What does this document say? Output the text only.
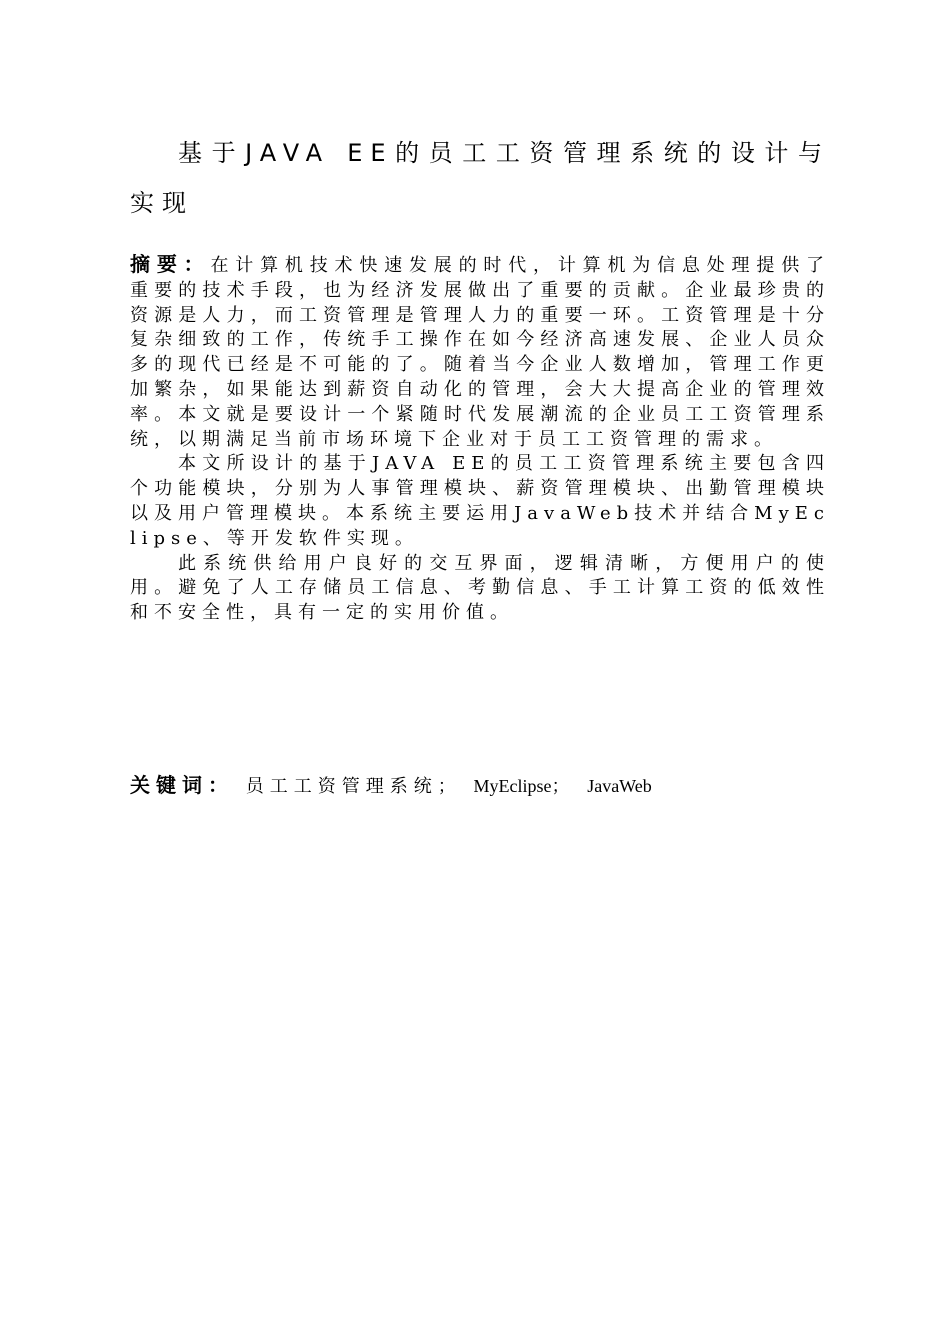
基于JAVA EE的员工工资管理系统的设计与实现

摘要：在计算机技术快速发展的时代，计算机为信息处理提供了重要的技术手段，也为经济发展做出了重要的贡献。企业最珍贵的资源是人力，而工资管理是管理人力的重要一环。工资管理是十分复杂细致的工作，传统手工操作在如今经济高速发展、企业人员众多的现代已经是不可能的了。随着当今企业人数增加，管理工作更加繁杂，如果能达到薪资自动化的管理，会大大提高企业的管理效率。本文就是要设计一个紧随时代发展潮流的企业员工工资管理系统，以期满足当前市场环境下企业对于员工工资管理的需求。

本文所设计的基于JAVA EE的员工工资管理系统主要包含四个功能模块，分别为人事管理模块、薪资管理模块、出勤管理模块以及用户管理模块。本系统主要运用JavaWeb技术并结合MyEclipse、等开发软件实现。

此系统供给用户良好的交互界面，逻辑清晰，方便用户的使用。避免了人工存储员工信息、考勤信息、手工计算工资的低效性和不安全性，具有一定的实用价值。

关键词： 员工工资管理系统； MyEclipse； JavaWeb
